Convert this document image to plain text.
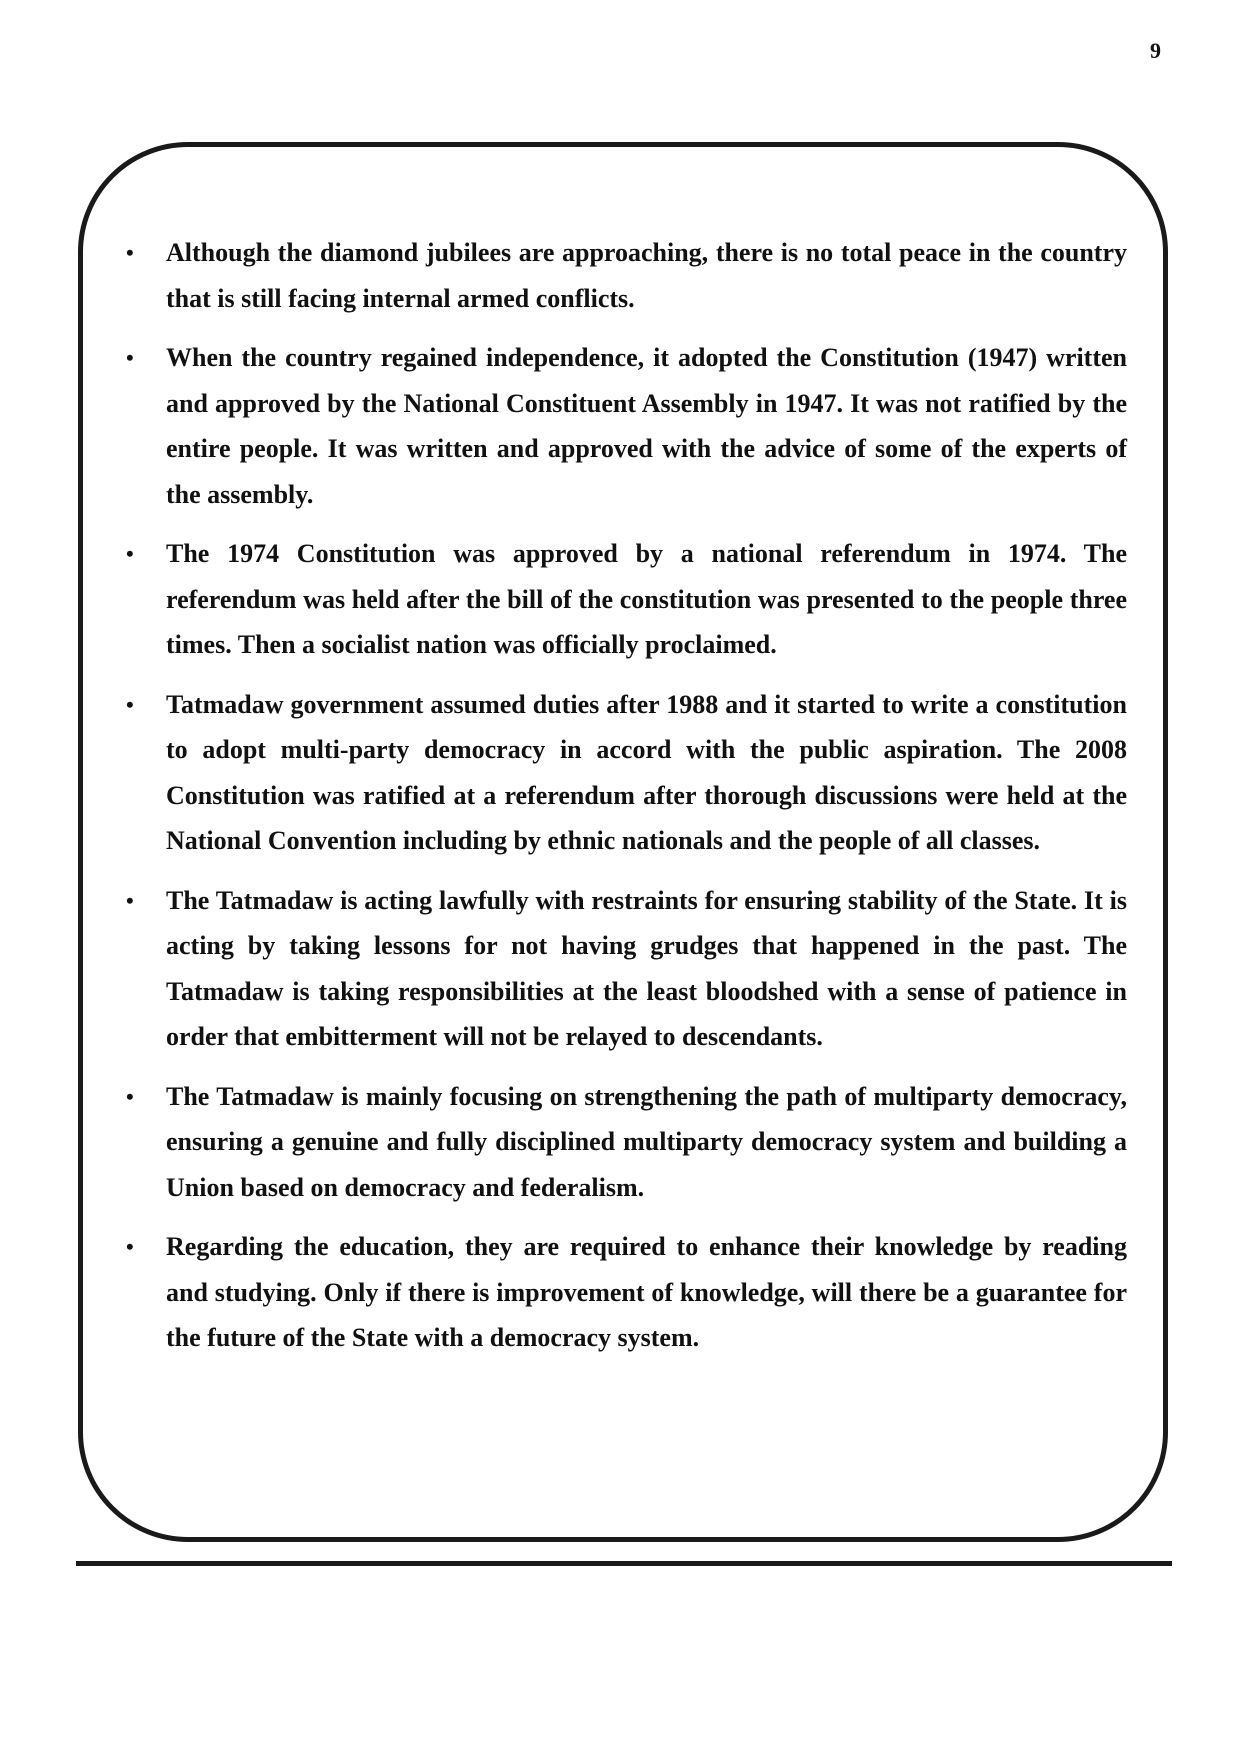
9
•	Although the diamond jubilees are approaching, there is no total peace in the country that is still facing internal armed conflicts.
•	When the country regained independence, it adopted the Constitution (1947) written and approved by the National Constituent Assembly in 1947. It was not ratified by the entire people. It was written and approved with the advice of some of the experts of the assembly.
•	The 1974 Constitution was approved by a national referendum in 1974. The referendum was held after the bill of the constitution was presented to the people three times. Then a socialist nation was officially proclaimed.
•	Tatmadaw government assumed duties after 1988 and it started to write a constitution to adopt multi-party democracy in accord with the public aspiration. The 2008 Constitution was ratified at a referendum after thorough discussions were held at the National Convention including by ethnic nationals and the people of all classes.
•	The Tatmadaw is acting lawfully with restraints for ensuring stability of the State. It is acting by taking lessons for not having grudges that happened in the past. The Tatmadaw is taking responsibilities at the least bloodshed with a sense of patience in order that embitterment will not be relayed to descendants.
•	The Tatmadaw is mainly focusing on strengthening the path of multiparty democracy, ensuring a genuine and fully disciplined multiparty democracy system and building a Union based on democracy and federalism.
•	Regarding the education, they are required to enhance their knowledge by reading and studying. Only if there is improvement of knowledge, will there be a guarantee for the future of the State with a democracy system.
